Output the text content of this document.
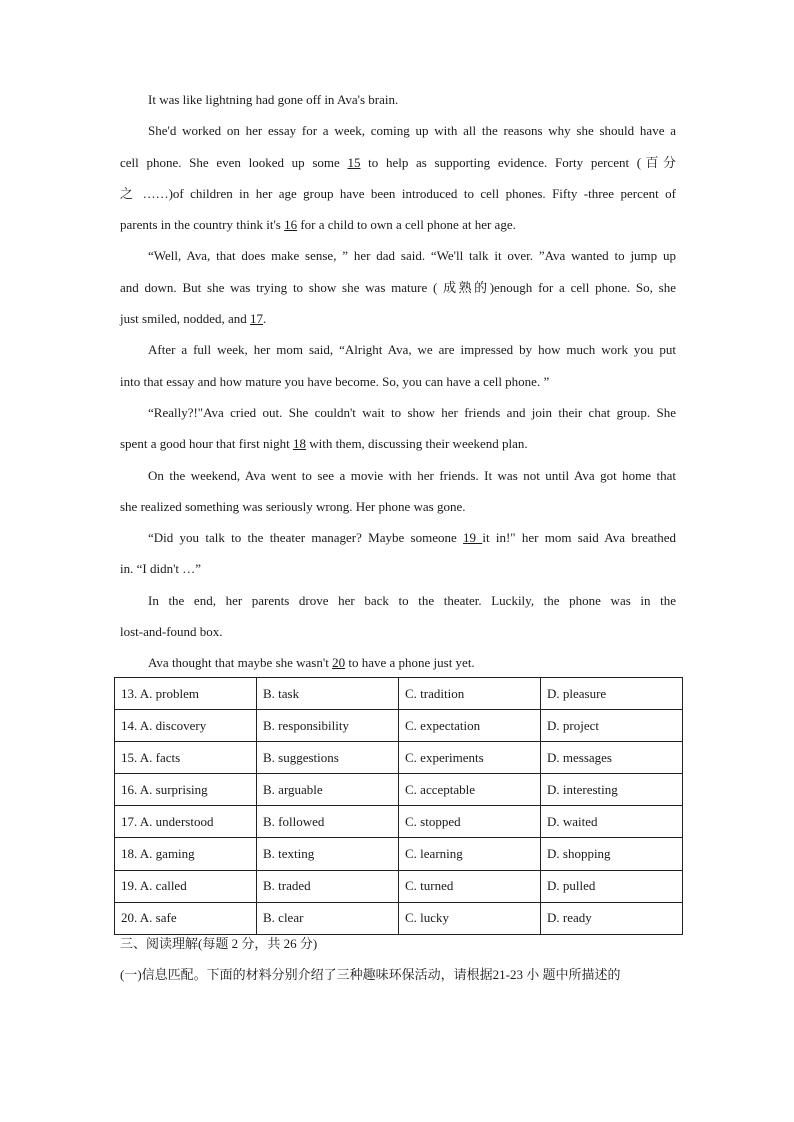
It was like lightning had gone off in Ava's brain.
She'd worked on her essay for a week, coming up with all the reasons why she should have a
cell phone. She even looked up some 15 to help as supporting evidence. Forty percent (百分
之 ……)of children in her age group have been introduced to cell phones. Fifty -three percent of
parents in the country think it's 16 for a child to own a cell phone at her age.
“Well, Ava, that does make sense, ” her dad said. “We'll talk it over. ”Ava wanted to jump up
and down. But she was trying to show she was mature ( 成熟的)enough for a cell phone. So, she
just smiled, nodded, and 17.
After a full week, her mom said, “Alright Ava, we are impressed by how much work you put
into that essay and how mature you have become. So, you can have a cell phone. ”
“Really?!"Ava cried out. She couldn't wait to show her friends and join their chat group. She
spent a good hour that first night 18 with them, discussing their weekend plan.
On the weekend, Ava went to see a movie with her friends. It was not until Ava got home that
she realized something was seriously wrong. Her phone was gone.
“Did you talk to the theater manager? Maybe someone 19 it in!" her mom said Ava breathed
in. “I didn't …”
In the end, her parents drove her back to the theater. Luckily, the phone was in the
lost-and-found box.
Ava thought that maybe she wasn't 20 to have a phone just yet.
13. A. problem	B. task	C. tradition	D. pleasure
14. A. discovery	B. responsibility	C. expectation	D. project
15. A. facts	B. suggestions	C. experiments	D. messages
16. A. surprising	B. arguable	C. acceptable	D. interesting
17. A. understood	B. followed	C. stopped	D. waited
18. A. gaming	B. texting	C. learning	D. shopping
19. A. called	B. traded	C. turned	D. pulled
20. A. safe	B. clear	C. lucky	D. ready
三、阅读理解(每题 2 分，共 26 分)
(一)信息匹配。下面的材料分别介绍了三种趣味环保活动，请根据21-23 小 题中所描述的
